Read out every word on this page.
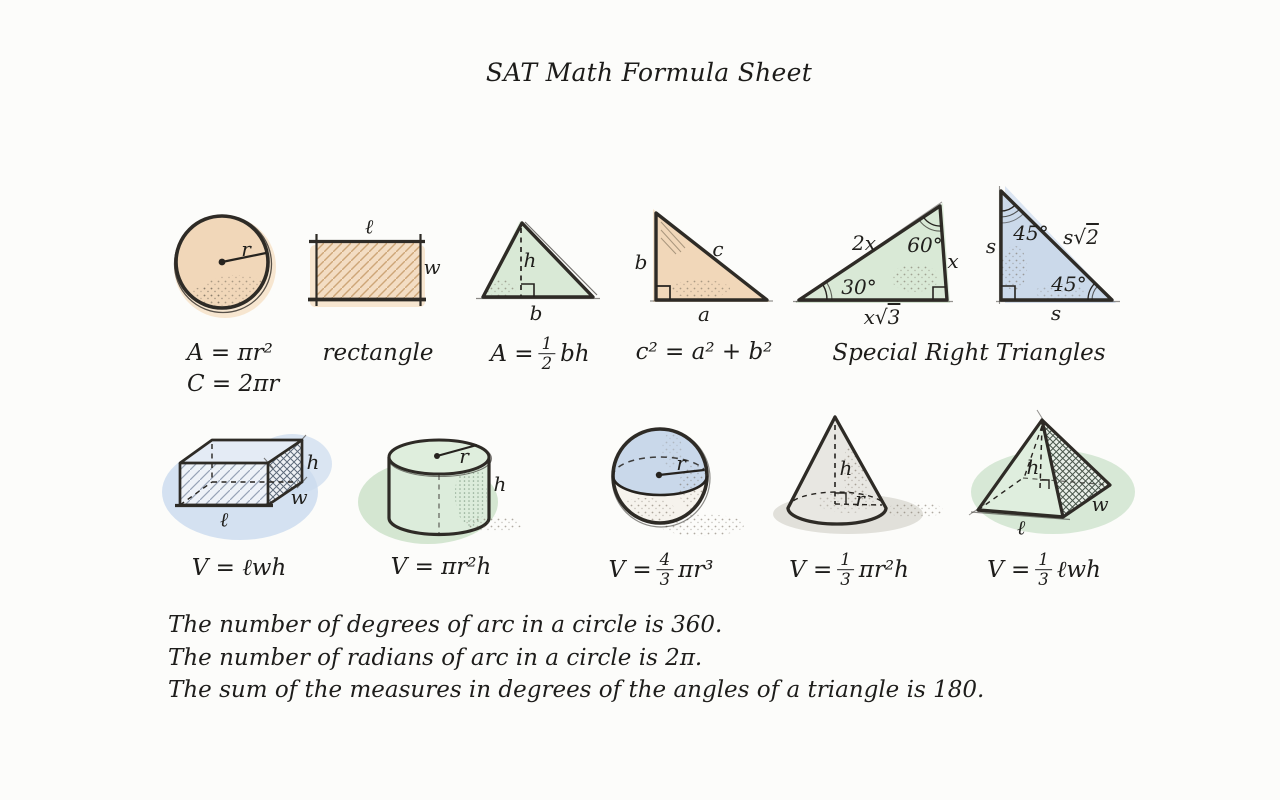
SAT Math Formula Sheet
r
ℓ
w	h
b
b
c
a
2x 60°
30°
x
x√3
45° s√2
s
45°
s
h
w
ℓ
r
h
r	h
r
h
w
ℓ
A = πr²
C = 2πr
rectangle $A = \frac{1}{2}$ bh c² = a² + b²	Special Right Triangles
V = ℓwh	V = πr²h	$V = \frac{4}{3} \pi r^3$	$V = \frac{1}{3} \pi r^2h$	$V = \frac{1}{3}$ ℓwh
The number of degrees of arc in a circle is 360.
The number of radians of arc in a circle is 2π.
The sum of the measures in degrees of the angles of a triangle is 180.
